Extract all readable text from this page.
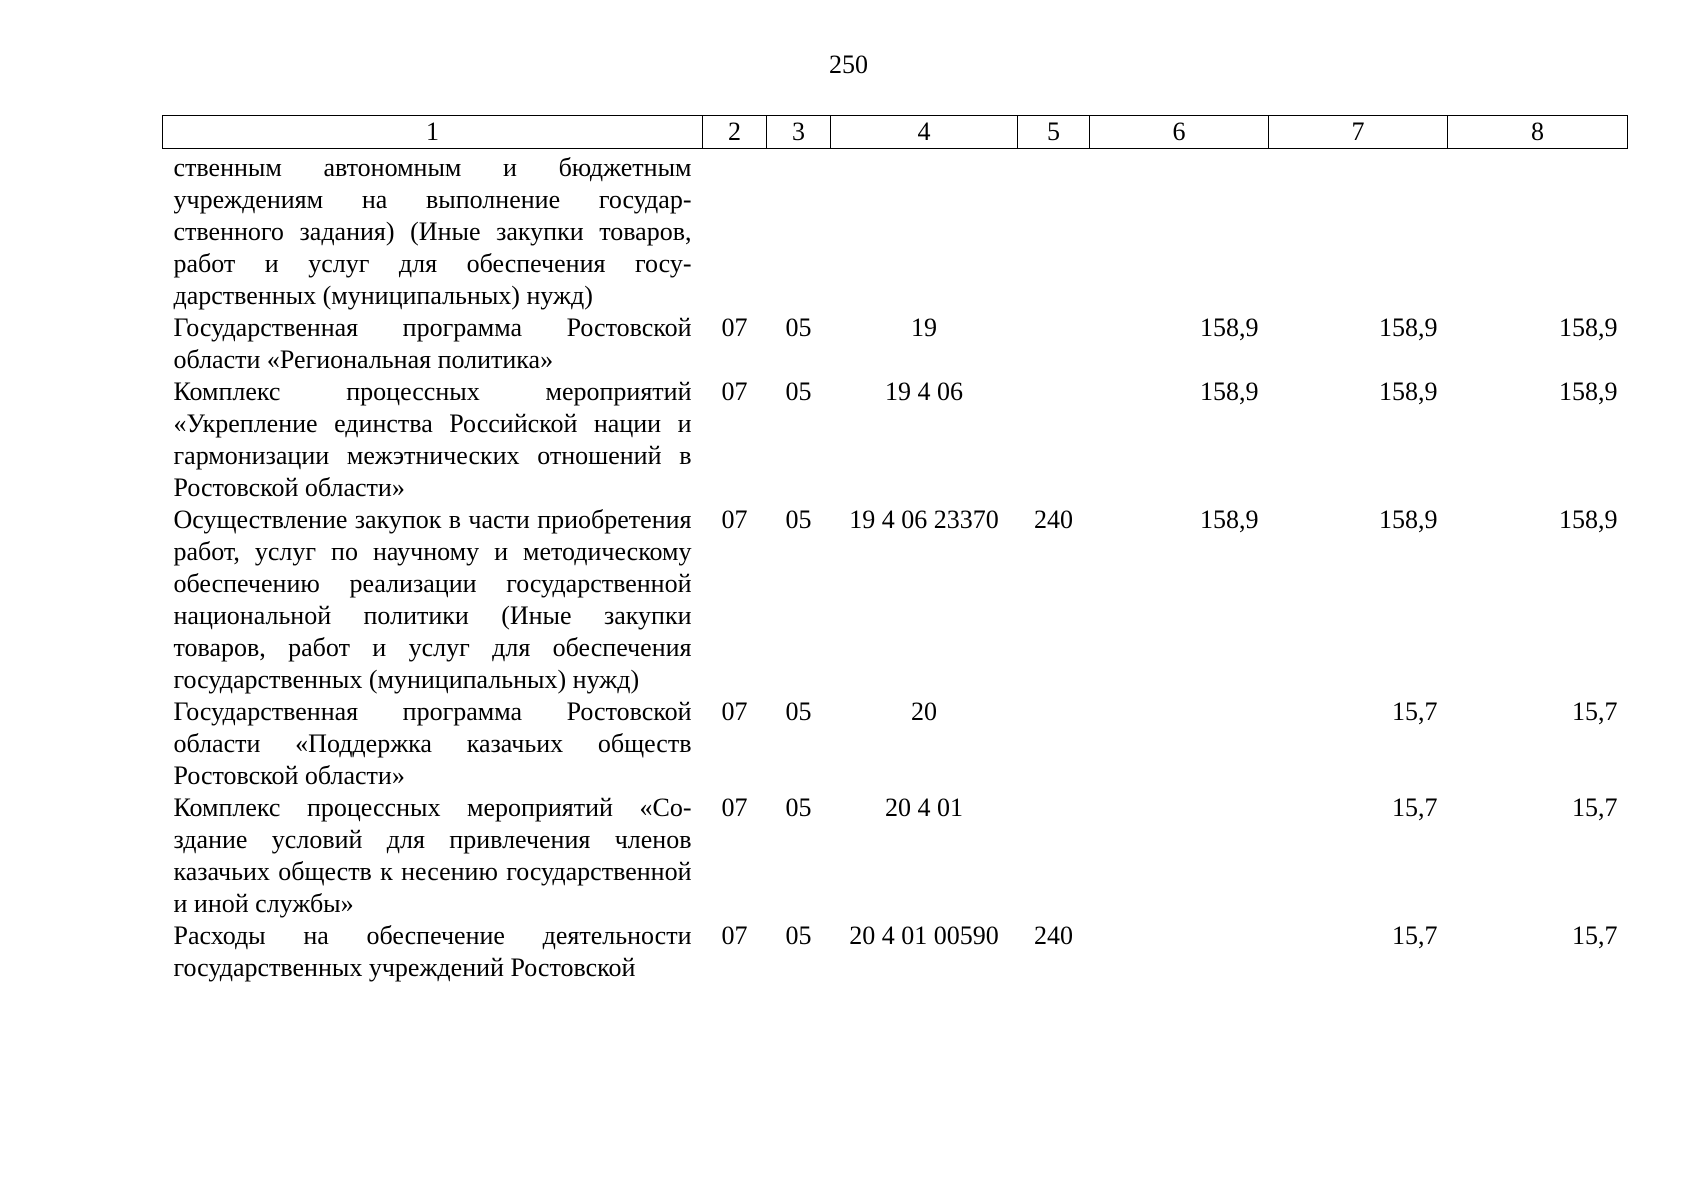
250
1	2	3	4	5	6	7	8
ственным автономным и бюджетным учреждениям на выполнение государственного задания) (Иные закупки товаров, работ и услуг для обеспечения государственных (муниципальных) нужд)							
Государственная программа Ростовской области «Региональная политика»	07	05	19		158,9	158,9	158,9
Комплекс процессных мероприятий «Укрепление единства Российской нации и гармонизации межэтнических отношений в Ростовской области»	07	05	19 4 06		158,9	158,9	158,9
Осуществление закупок в части приобретения работ, услуг по научному и методическому обеспечению реализации государственной национальной политики (Иные закупки товаров, работ и услуг для обеспечения государственных (муниципальных) нужд)	07	05	19 4 06 23370	240	158,9	158,9	158,9
Государственная программа Ростовской области «Поддержка казачьих обществ Ростовской области»	07	05	20			15,7	15,7
Комплекс процессных мероприятий «Создание условий для привлечения членов казачьих обществ к несению государственной и иной службы»	07	05	20 4 01			15,7	15,7
Расходы на обеспечение деятельности государственных учреждений Ростовской	07	05	20 4 01 00590	240		15,7	15,7
